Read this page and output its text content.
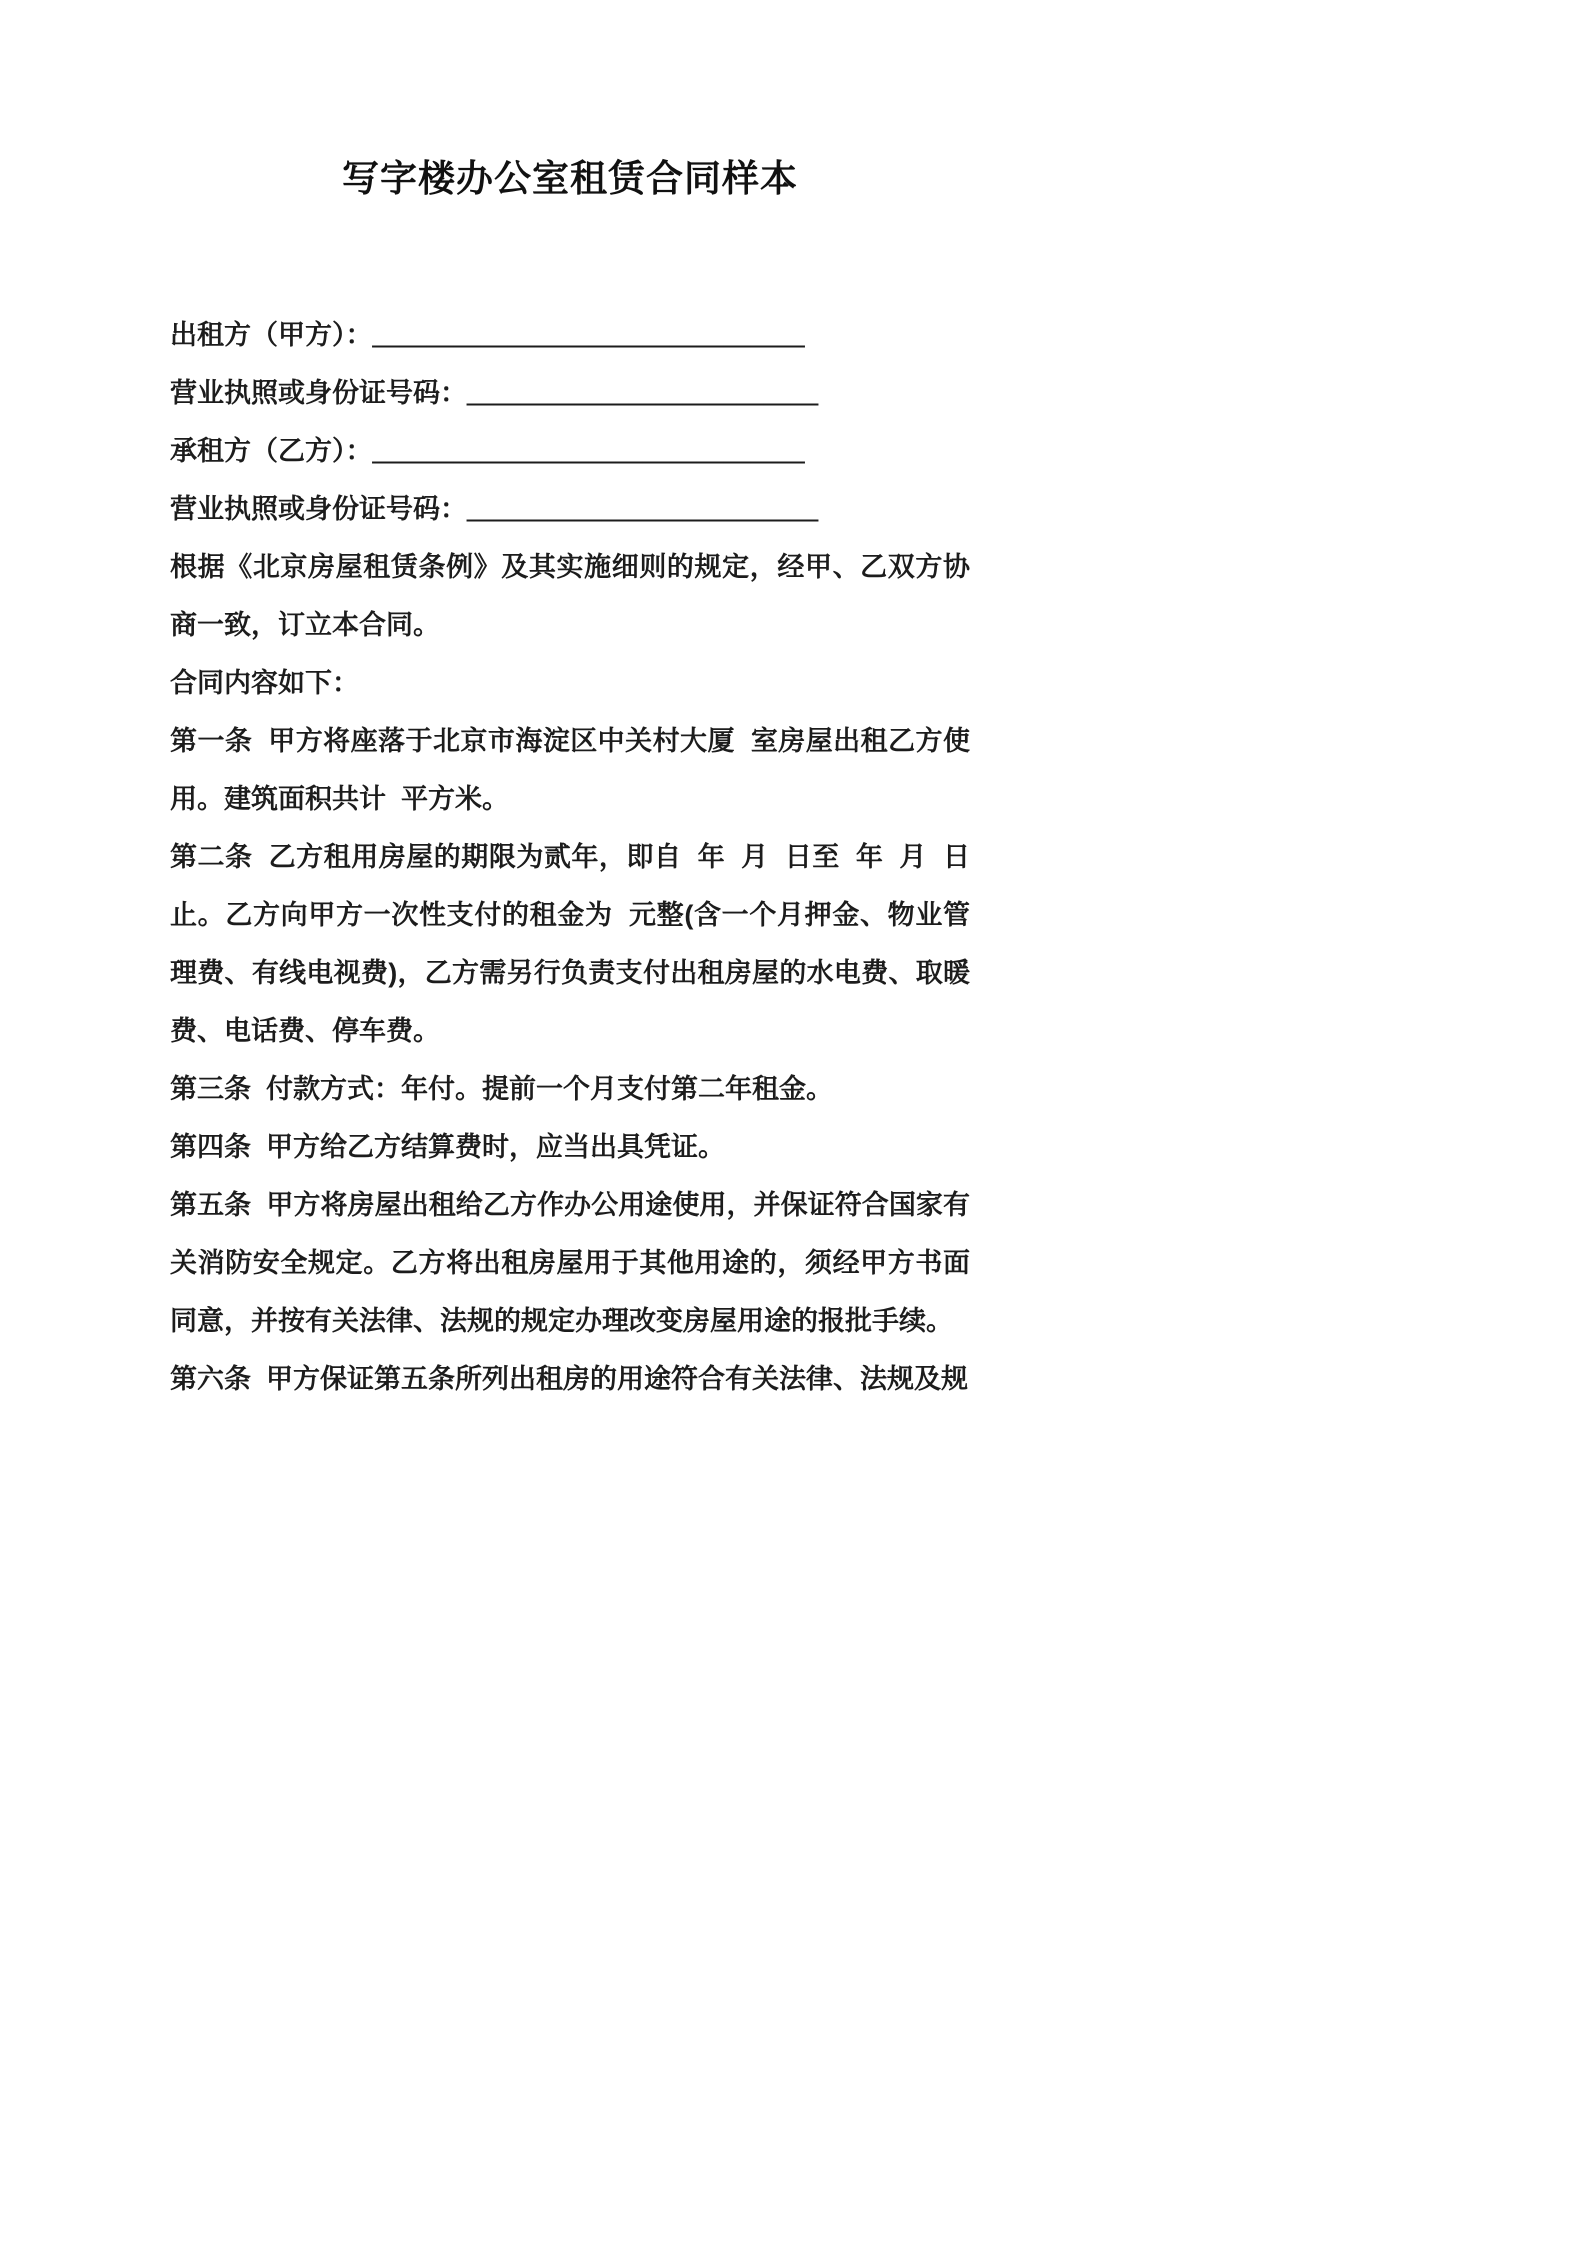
写字楼办公室租赁合同样本

出租方（甲方）：＿＿＿＿＿＿＿＿＿＿＿＿＿＿＿＿

营业执照或身份证号码：＿＿＿＿＿＿＿＿＿＿＿＿＿

承租方（乙方）：＿＿＿＿＿＿＿＿＿＿＿＿＿＿＿＿

营业执照或身份证号码：＿＿＿＿＿＿＿＿＿＿＿＿＿

根据《北京房屋租赁条例》及其实施细则的规定，经甲、乙双方协商一致，订立本合同。

合同内容如下：

第一条  甲方将座落于北京市海淀区中关村大厦  室房屋出租乙方使用。建筑面积共计  平方米。

第二条  乙方租用房屋的期限为贰年，即自  年  月  日至  年  月  日止。乙方向甲方一次性支付的租金为  元整(含一个月押金、物业管理费、有线电视费)，乙方需另行负责支付出租房屋的水电费、取暖费、电话费、停车费。

第三条  付款方式：年付。提前一个月支付第二年租金。

第四条  甲方给乙方结算费时，应当出具凭证。

第五条  甲方将房屋出租给乙方作办公用途使用，并保证符合国家有关消防安全规定。乙方将出租房屋用于其他用途的，须经甲方书面同意，并按有关法律、法规的规定办理改变房屋用途的报批手续。

第六条  甲方保证第五条所列出租房的用途符合有关法律、法规及规
